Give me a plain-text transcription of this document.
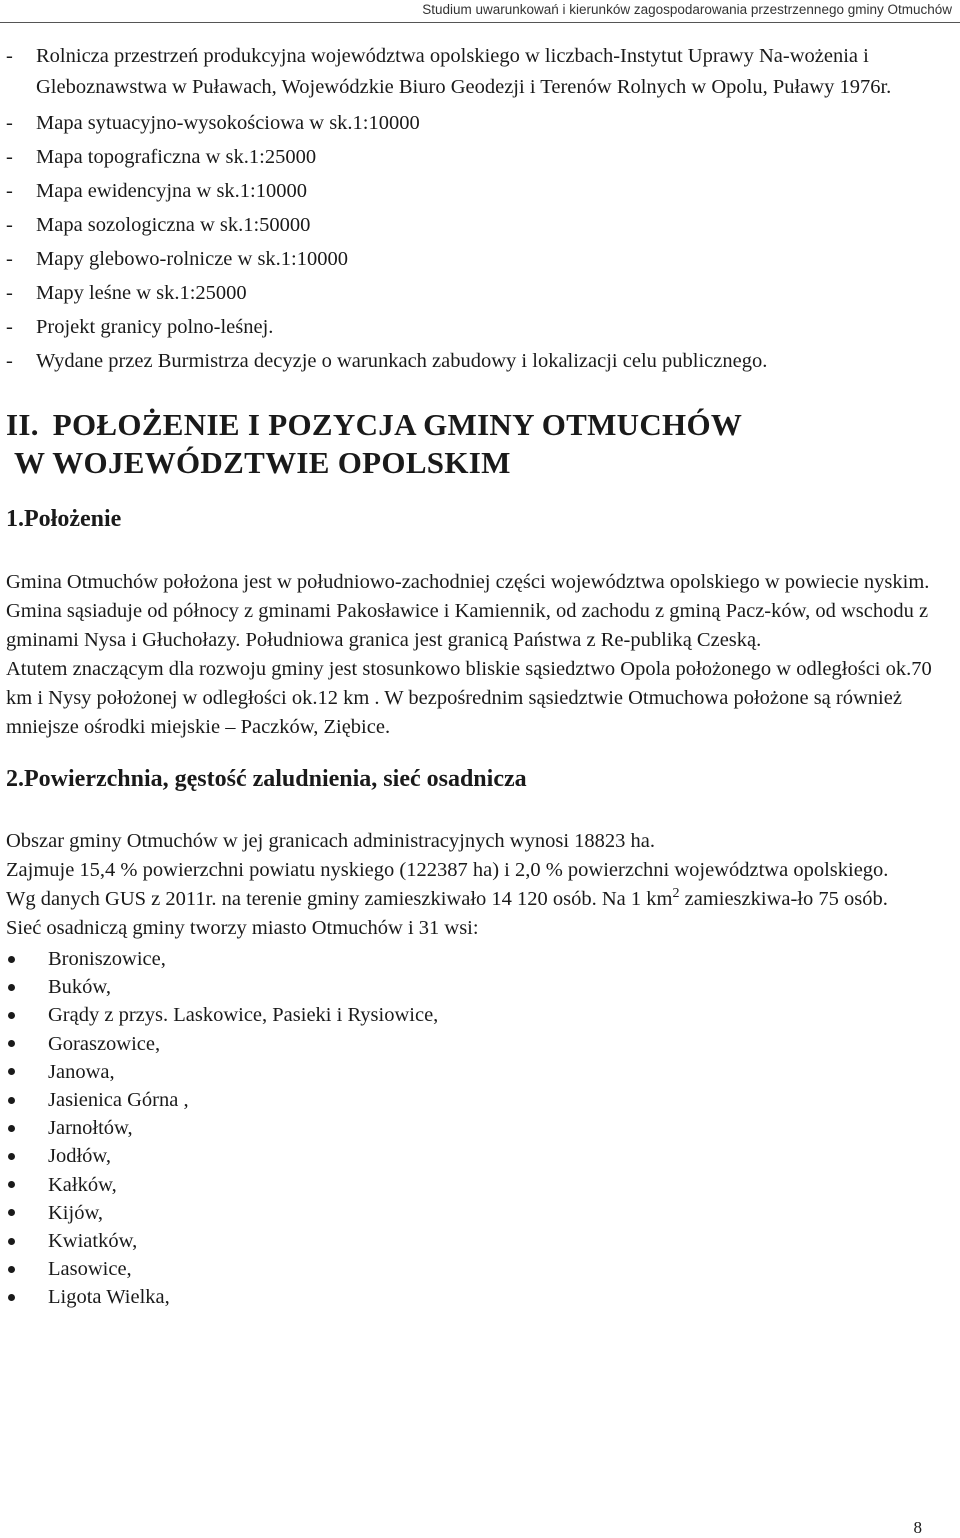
Studium uwarunkowań i kierunków zagospodarowania przestrzennego gminy Otmuchów
-	Rolnicza przestrzeń produkcyjna województwa opolskiego w liczbach-Instytut Uprawy Na-wożenia i Gleboznawstwa w Puławach, Wojewódzkie Biuro Geodezji i Terenów Rolnych w Opolu, Puławy 1976r.
-	Mapa sytuacyjno-wysokościowa w sk.1:10000
-	Mapa topograficzna w sk.1:25000
-	Mapa ewidencyjna w sk.1:10000
-	Mapa sozologiczna w sk.1:50000
-	Mapy glebowo-rolnicze w sk.1:10000
-	Mapy leśne w sk.1:25000
-	Projekt granicy polno-leśnej.
-	Wydane przez Burmistrza decyzje o warunkach zabudowy i lokalizacji celu publicznego.
II. POŁOŻENIE I POZYCJA GMINY OTMUCHÓW
W WOJEWÓDZTWIE OPOLSKIM
1.Położenie

Gmina Otmuchów położona jest w południowo-zachodniej części województwa opolskiego w powiecie nyskim.

Gmina sąsiaduje od północy z gminami Pakosławice i Kamiennik, od zachodu z gminą Pacz-ków, od wschodu z gminami Nysa i Głuchołazy. Południowa granica jest granicą Państwa z Re-publiką Czeską.

Atutem znaczącym dla rozwoju gminy jest stosunkowo bliskie sąsiedztwo Opola położonego w odległości ok.70 km i Nysy położonej w odległości ok.12 km . W bezpośrednim sąsiedztwie Otmuchowa położone są również mniejsze ośrodki miejskie – Paczków, Ziębice.

2.Powierzchnia, gęstość zaludnienia, sieć osadnicza

Obszar gminy Otmuchów w jej granicach administracyjnych wynosi 18823 ha.

Zajmuje 15,4 % powierzchni powiatu nyskiego (122387 ha) i 2,0 % powierzchni województwa opolskiego.

Wg danych GUS z 2011r. na terenie gminy zamieszkiwało 14 120 osób. Na 1 $km^2$ zamieszkiwa-ło 75 osób.

Sieć osadniczą gminy tworzy miasto Otmuchów i 31 wsi:

Broniszowice,
Buków,
Grądy z przys. Laskowice, Pasieki i Rysiowice,
Goraszowice,
Janowa,
Jasienica Górna ,
Jarnołtów,
Jodłów,
Kałków,
Kijów,
Kwiatków,
Lasowice,
Ligota Wielka,
8
